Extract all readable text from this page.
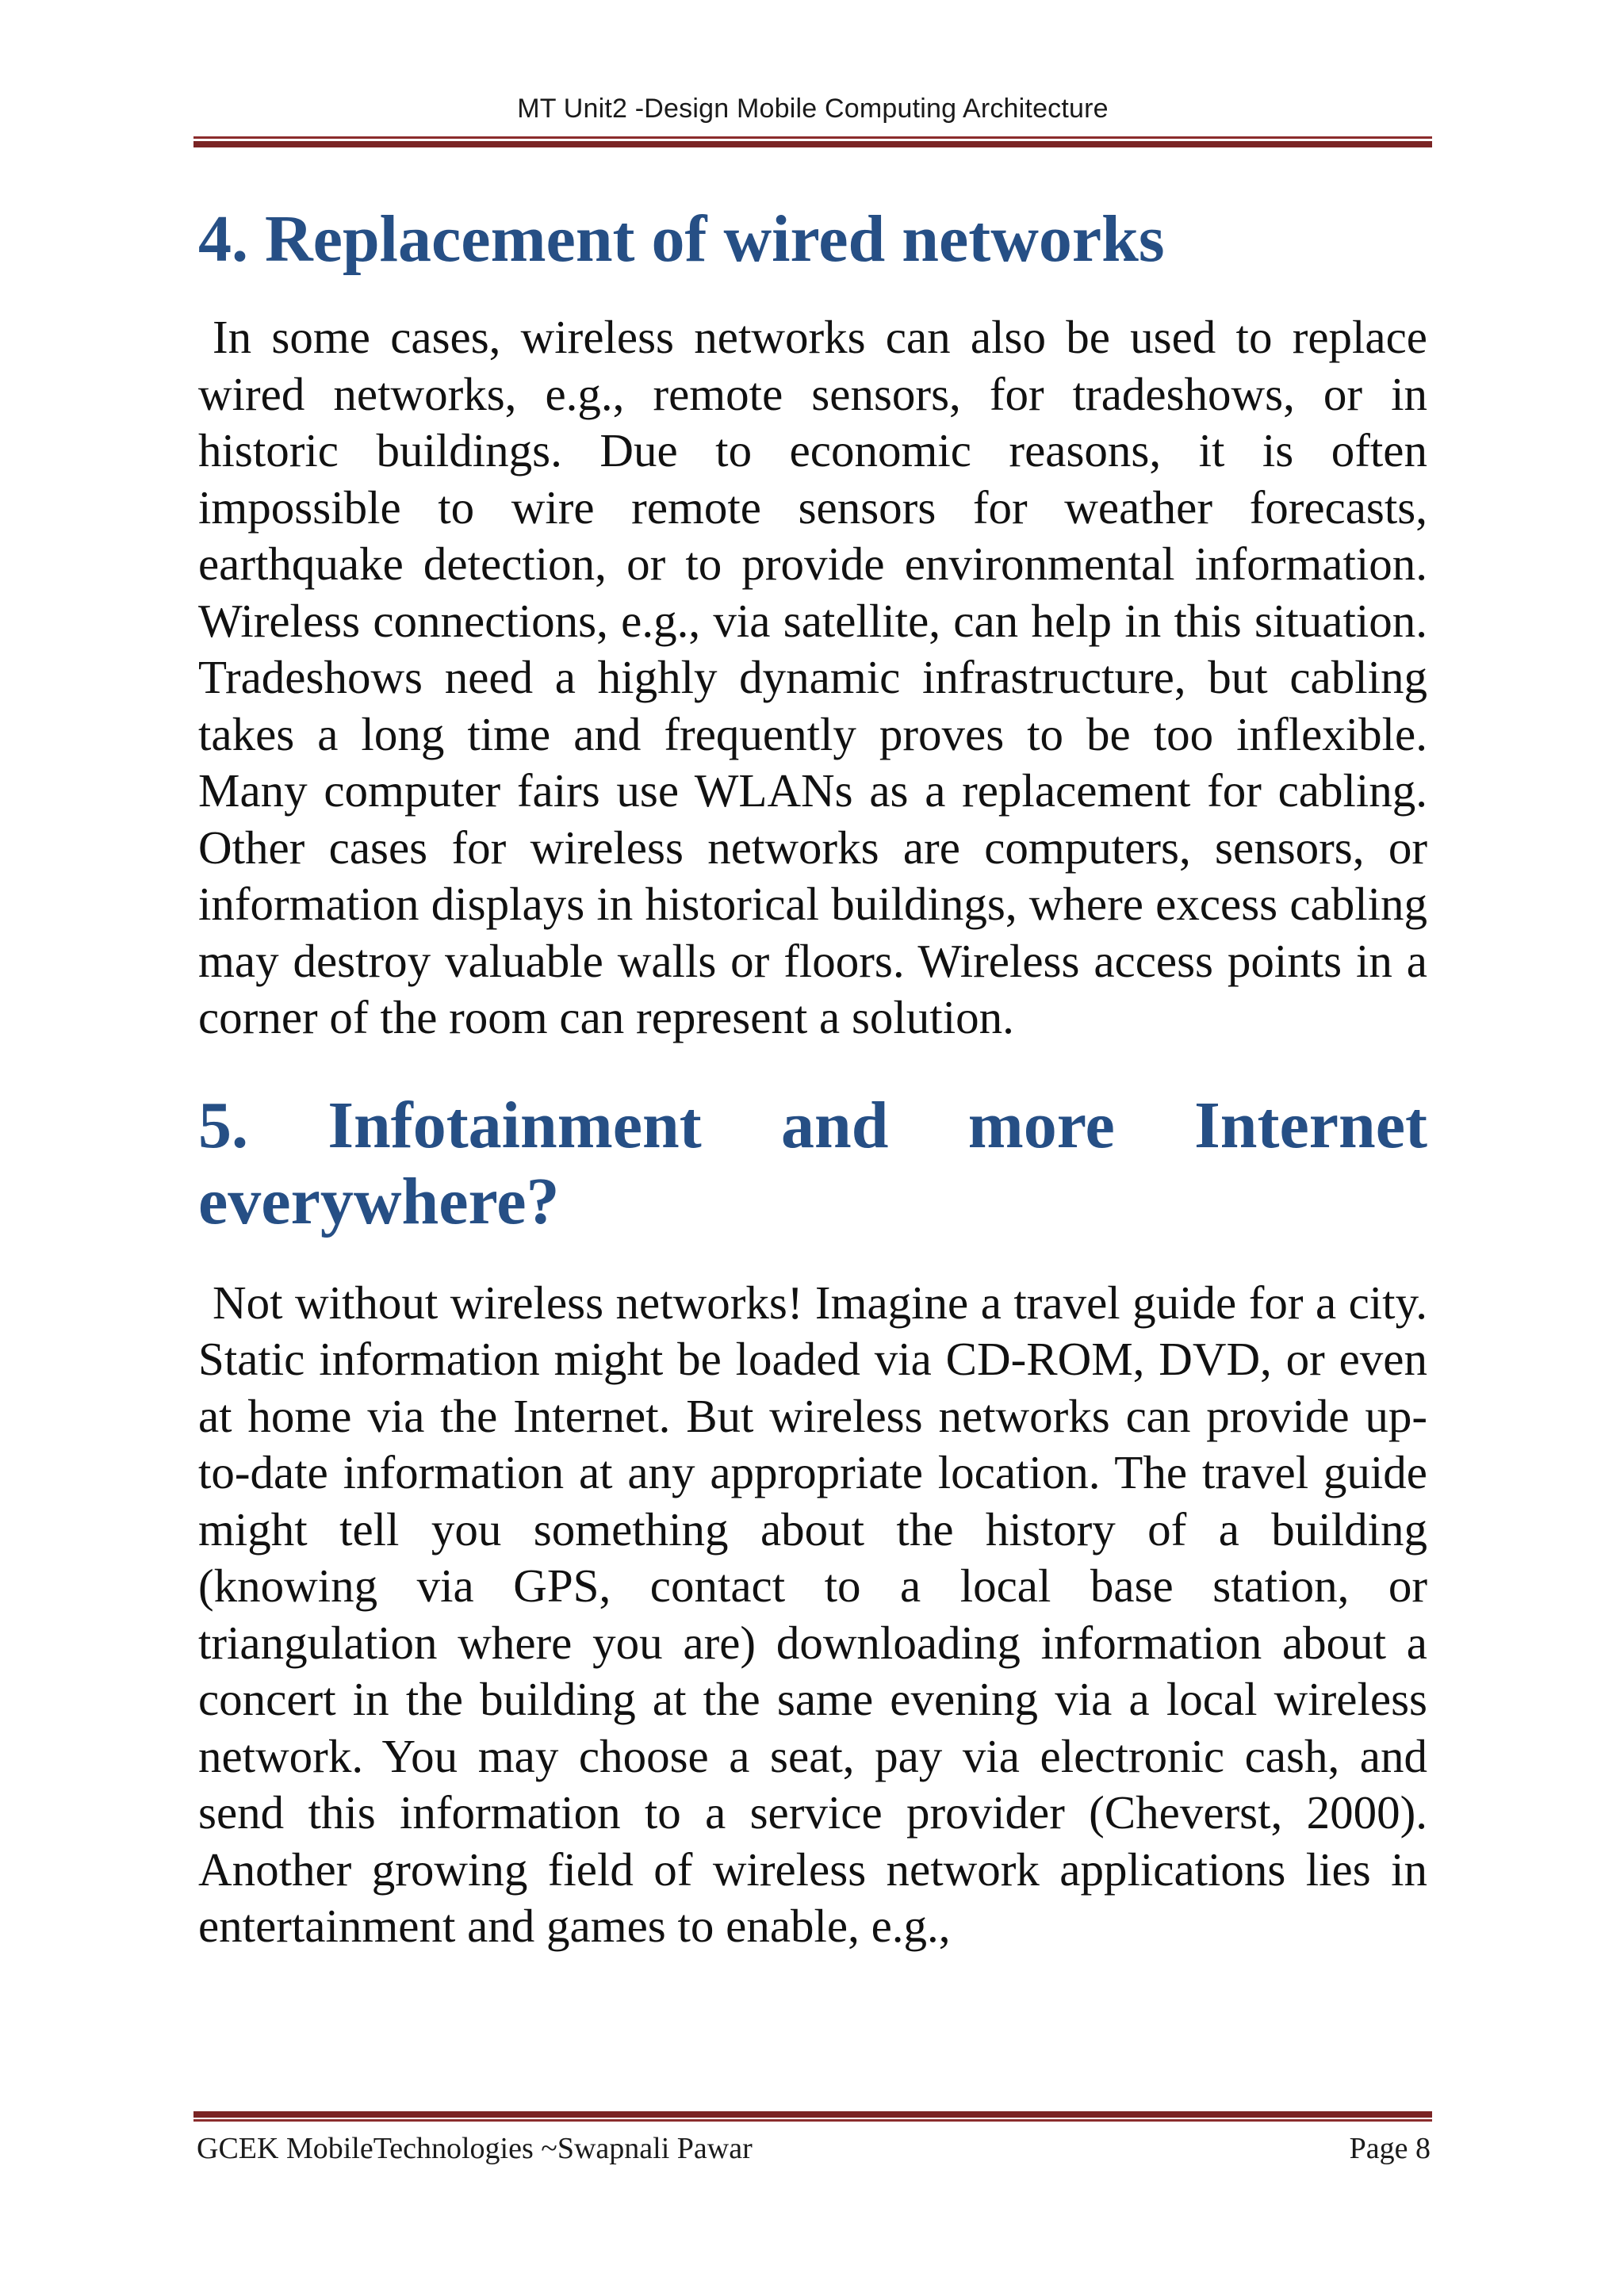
MT Unit2 -Design Mobile Computing Architecture
4. Replacement of wired networks

In some cases, wireless networks can also be used to replace wired networks, e.g., remote sensors, for tradeshows, or in historic buildings. Due to economic reasons, it is often impossible to wire remote sensors for weather forecasts, earthquake detection, or to provide environmental information. Wireless connections, e.g., via satellite, can help in this situation. Tradeshows need a highly dynamic infrastructure, but cabling takes a long time and frequently proves to be too inflexible. Many computer fairs use WLANs as a replacement for cabling. Other cases for wireless networks are computers, sensors, or information displays in historical buildings, where excess cabling may destroy valuable walls or floors. Wireless access points in a corner of the room can represent a solution.

5. Infotainment and more Internet
everywhere?

Not without wireless networks! Imagine a travel guide for a city. Static information might be loaded via CD-ROM, DVD, or even at home via the Internet. But wireless networks can provide up-to-date information at any appropriate location. The travel guide might tell you something about the history of a building (knowing via GPS, contact to a local base station, or triangulation where you are) downloading information about a concert in the building at the same evening via a local wireless network. You may choose a seat, pay via electronic cash, and send this information to a service provider (Cheverst, 2000). Another growing field of wireless network applications lies in entertainment and games to enable, e.g.,

GCEK MobileTechnologies ~Swapnali Pawar	Page 8
